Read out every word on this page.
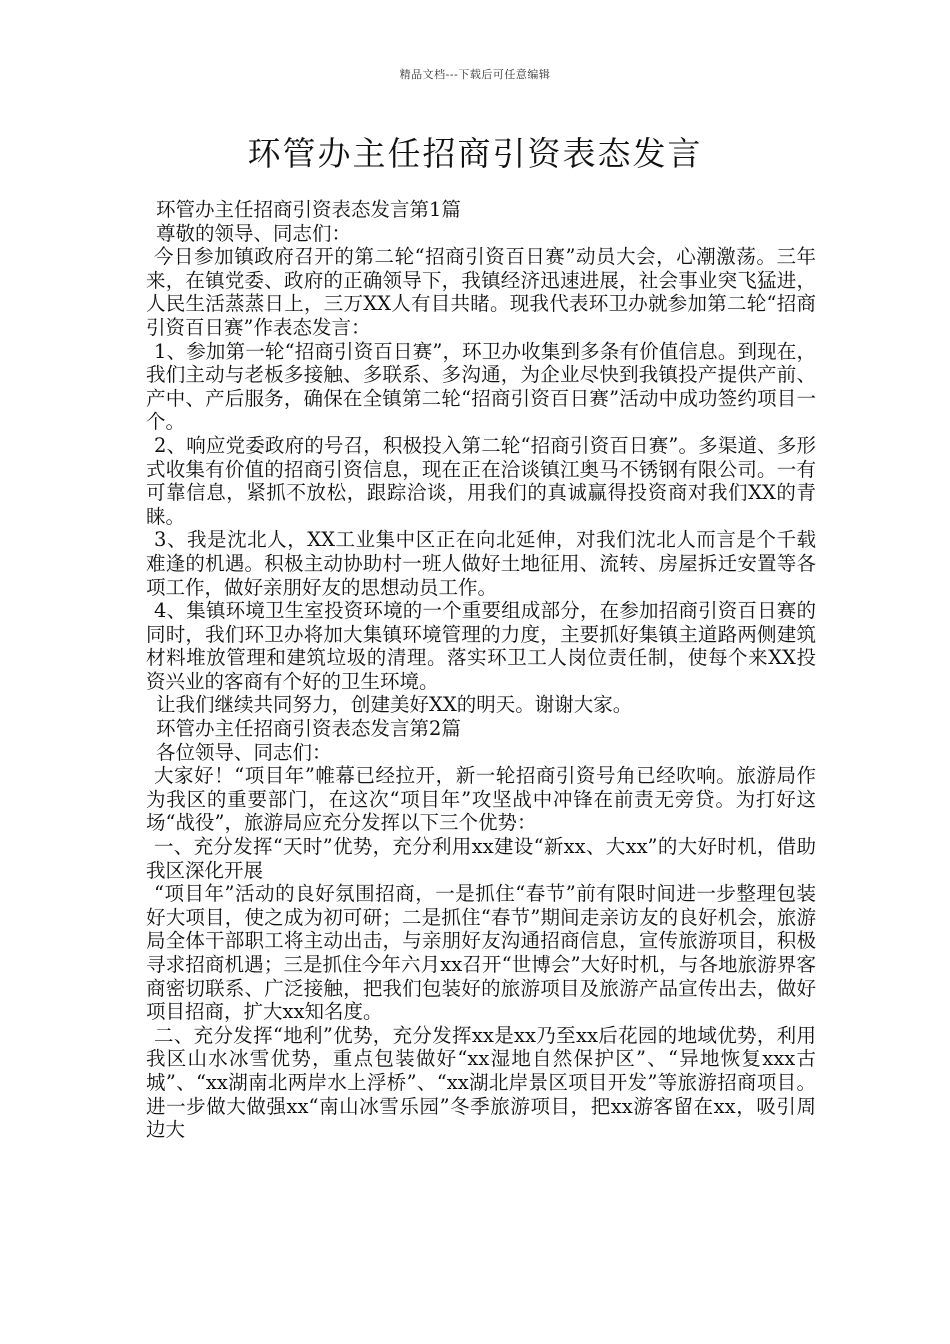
精品文档---下载后可任意编辑
环管办主任招商引资表态发言

环管办主任招商引资表态发言第1篇

尊敬的领导、同志们：

今日参加镇政府召开的第二轮“招商引资百日赛”动员大会，心潮激荡。三年来，在镇党委、政府的正确领导下，我镇经济迅速进展，社会事业突飞猛进，人民生活蒸蒸日上，三万XX人有目共睹。现我代表环卫办就参加第二轮“招商引资百日赛”作表态发言：

1、参加第一轮“招商引资百日赛”，环卫办收集到多条有价值信息。到现在，我们主动与老板多接触、多联系、多沟通，为企业尽快到我镇投产提供产前、产中、产后服务，确保在全镇第二轮“招商引资百日赛”活动中成功签约项目一个。

2、响应党委政府的号召，积极投入第二轮“招商引资百日赛”。多渠道、多形式收集有价值的招商引资信息，现在正在洽谈镇江奥马不锈钢有限公司。一有可靠信息，紧抓不放松，跟踪洽谈，用我们的真诚赢得投资商对我们XX的青睐。

3、我是沈北人，XX工业集中区正在向北延伸，对我们沈北人而言是个千载难逢的机遇。积极主动协助村一班人做好土地征用、流转、房屋拆迁安置等各项工作，做好亲朋好友的思想动员工作。

4、集镇环境卫生室投资环境的一个重要组成部分，在参加招商引资百日赛的同时，我们环卫办将加大集镇环境管理的力度，主要抓好集镇主道路两侧建筑材料堆放管理和建筑垃圾的清理。落实环卫工人岗位责任制，使每个来XX投资兴业的客商有个好的卫生环境。

让我们继续共同努力，创建美好XX的明天。谢谢大家。

环管办主任招商引资表态发言第2篇

各位领导、同志们：

大家好！“项目年”帷幕已经拉开，新一轮招商引资号角已经吹响。旅游局作为我区的重要部门，在这次“项目年”攻坚战中冲锋在前责无旁贷。为打好这场“战役”，旅游局应充分发挥以下三个优势：

一、充分发挥“天时”优势，充分利用xx建设“新xx、大xx”的大好时机，借助我区深化开展

“项目年”活动的良好氛围招商，一是抓住“春节”前有限时间进一步整理包装好大项目，使之成为初可研；二是抓住“春节”期间走亲访友的良好机会，旅游局全体干部职工将主动出击，与亲朋好友沟通招商信息，宣传旅游项目，积极寻求招商机遇；三是抓住今年六月xx召开“世博会”大好时机，与各地旅游界客商密切联系、广泛接触，把我们包装好的旅游项目及旅游产品宣传出去，做好项目招商，扩大xx知名度。

二、充分发挥“地利”优势，充分发挥xx是xx乃至xx后花园的地域优势，利用我区山水冰雪优势，重点包装做好“xx湿地自然保护区”、“异地恢复xxx古城”、“xx湖南北两岸水上浮桥”、“xx湖北岸景区项目开发”等旅游招商项目。进一步做大做强xx“南山冰雪乐园”冬季旅游项目，把xx游客留在xx，吸引周边大
